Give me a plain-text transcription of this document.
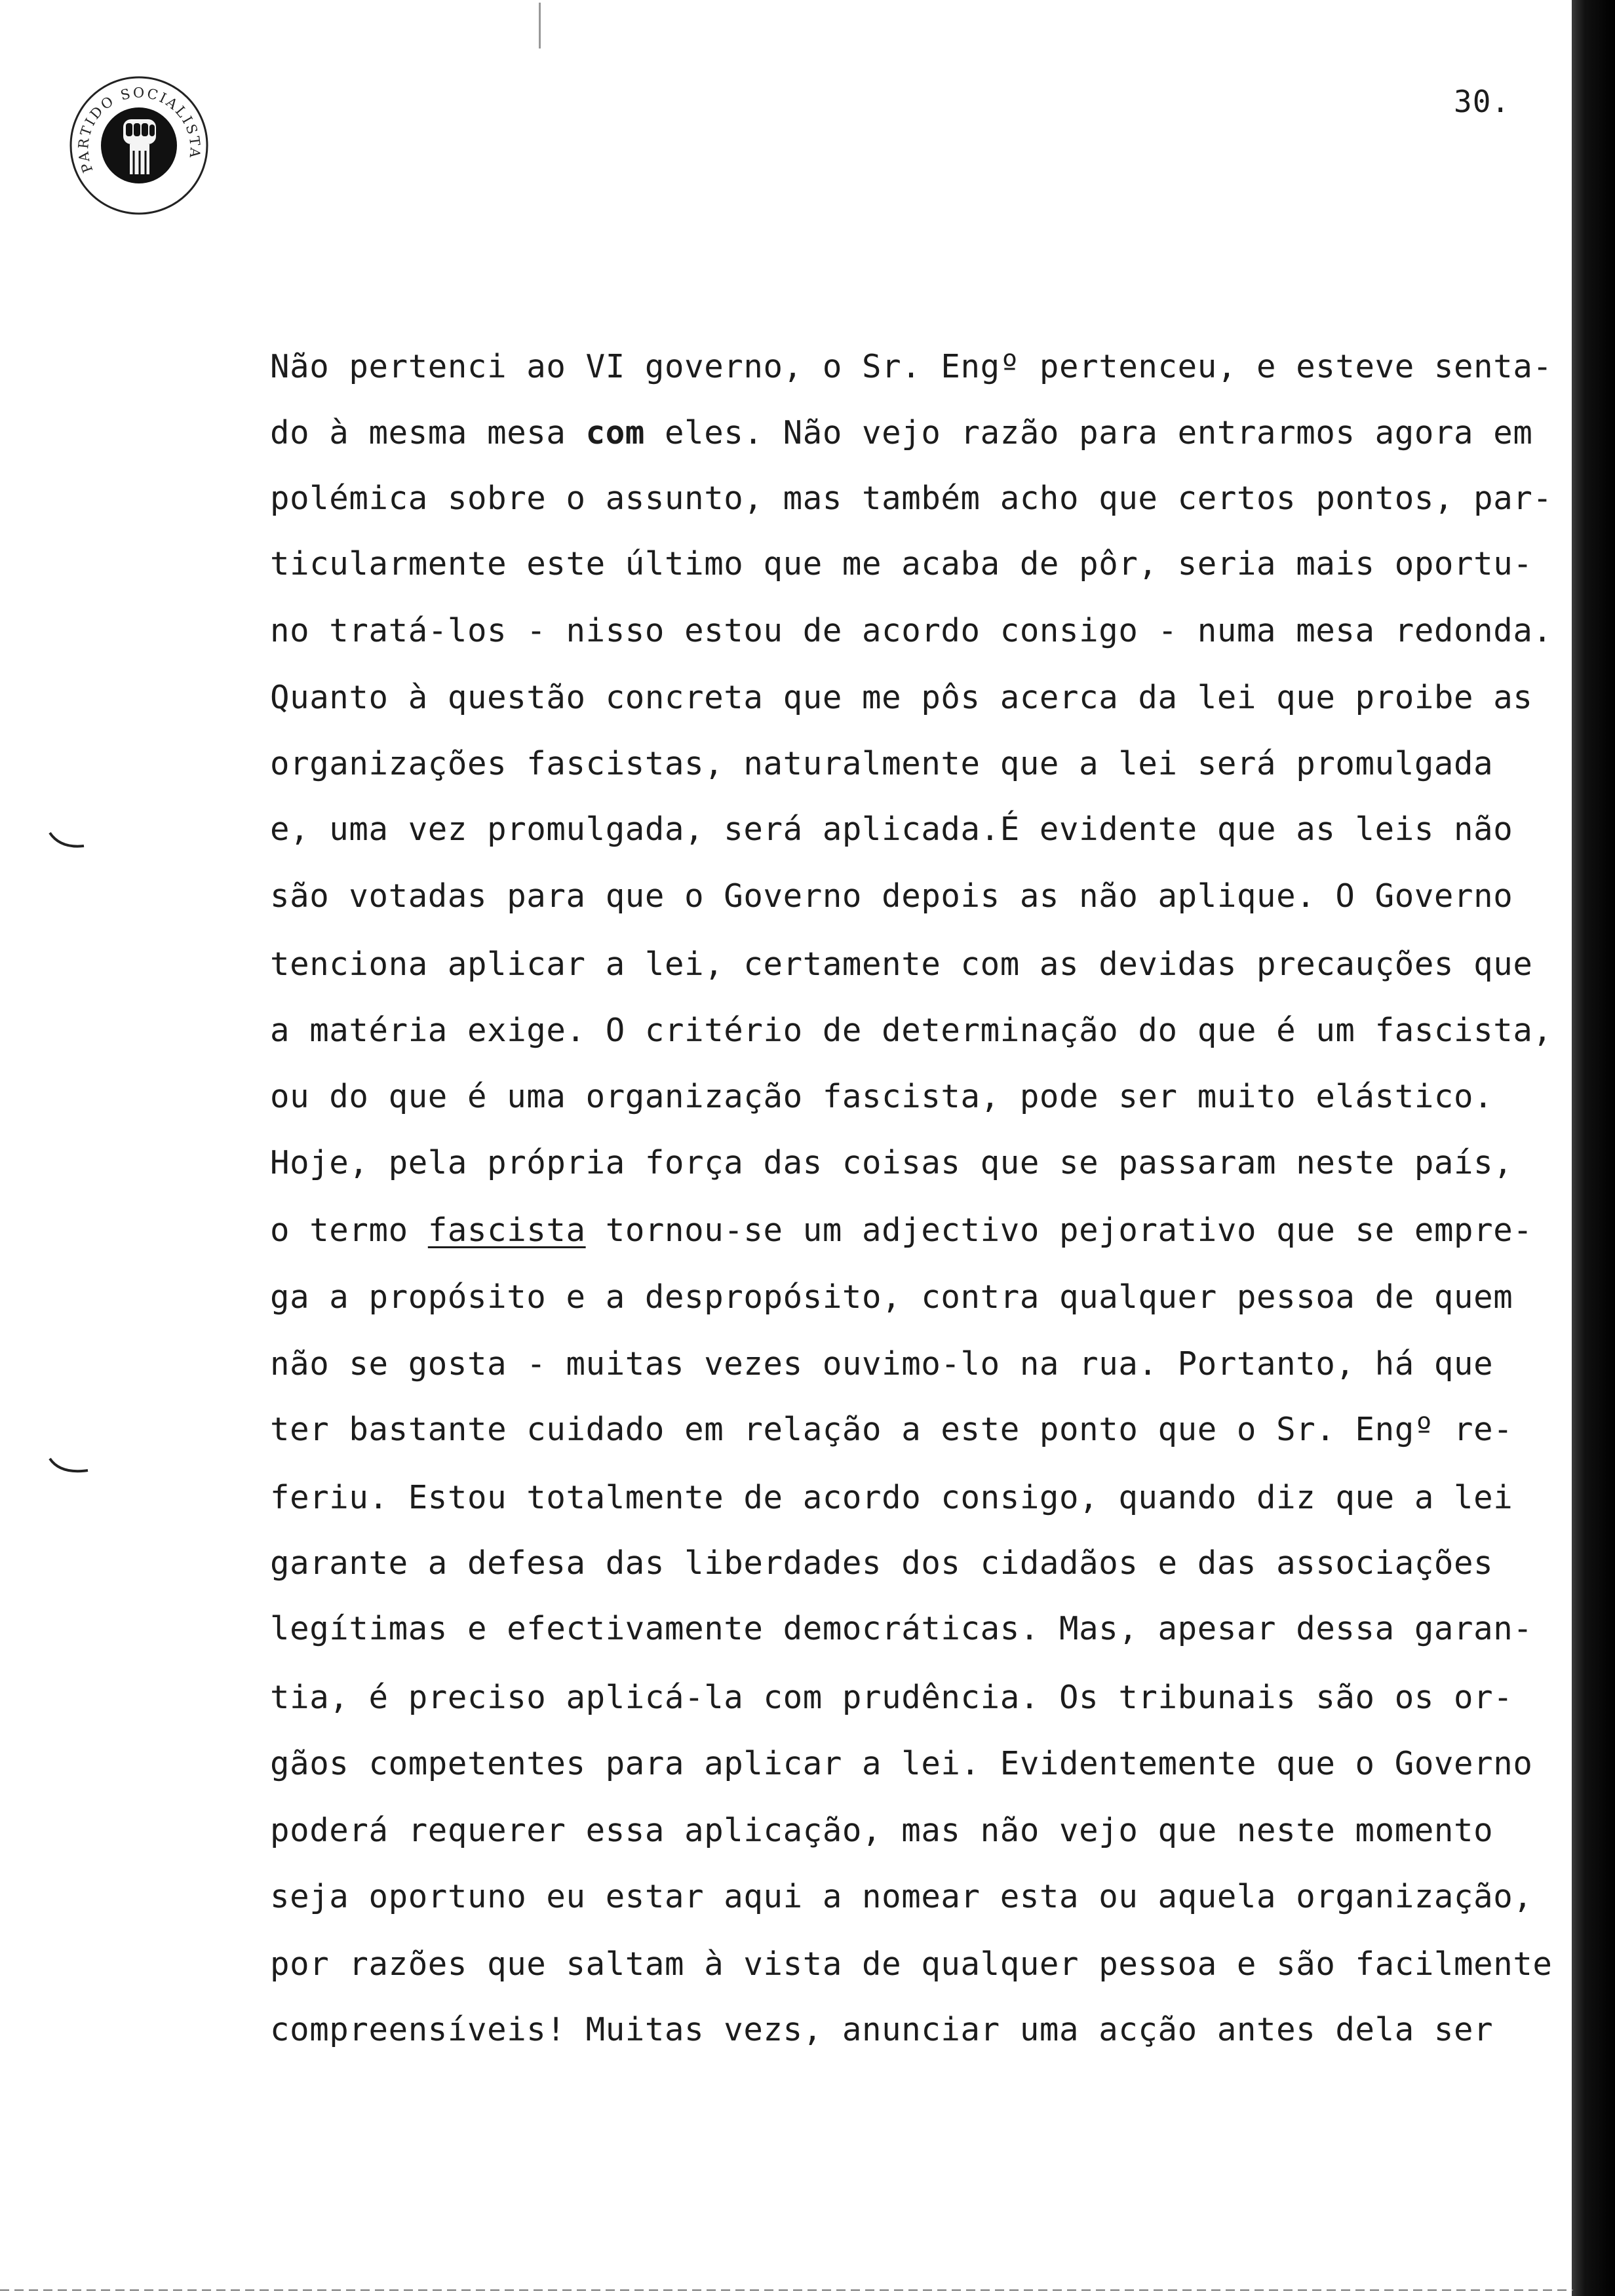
PARTIDO SOCIALISTA
30.
Não pertenci ao VI governo, o Sr. Engº pertenceu, e esteve senta-
do à mesma mesa com eles. Não vejo razão para entrarmos agora em
polémica sobre o assunto, mas também acho que certos pontos, par-
ticularmente este último que me acaba de pôr, seria mais oportu-
no tratá-los - nisso estou de acordo consigo - numa mesa redonda.
Quanto à questão concreta que me pôs acerca da lei que proibe as
organizações fascistas, naturalmente que a lei será promulgada
e, uma vez promulgada, será aplicada.É evidente que as leis não
são votadas para que o Governo depois as não aplique. O Governo
tenciona aplicar a lei, certamente com as devidas precauções que
a matéria exige. O critério de determinação do que é um fascista,
ou do que é uma organização fascista, pode ser muito elástico.
Hoje, pela própria força das coisas que se passaram neste país,
o termo fascista tornou-se um adjectivo pejorativo que se empre-
ga a propósito e a despropósito, contra qualquer pessoa de quem
não se gosta - muitas vezes ouvimo-lo na rua. Portanto, há que
ter bastante cuidado em relação a este ponto que o Sr. Engº re-
feriu. Estou totalmente de acordo consigo, quando diz que a lei
garante a defesa das liberdades dos cidadãos e das associações
legítimas e efectivamente democráticas. Mas, apesar dessa garan-
tia, é preciso aplicá-la com prudência. Os tribunais são os or-
gãos competentes para aplicar a lei. Evidentemente que o Governo
poderá requerer essa aplicação, mas não vejo que neste momento
seja oportuno eu estar aqui a nomear esta ou aquela organização,
por razões que saltam à vista de qualquer pessoa e são facilmente
compreensíveis! Muitas vezs, anunciar uma acção antes dela ser
